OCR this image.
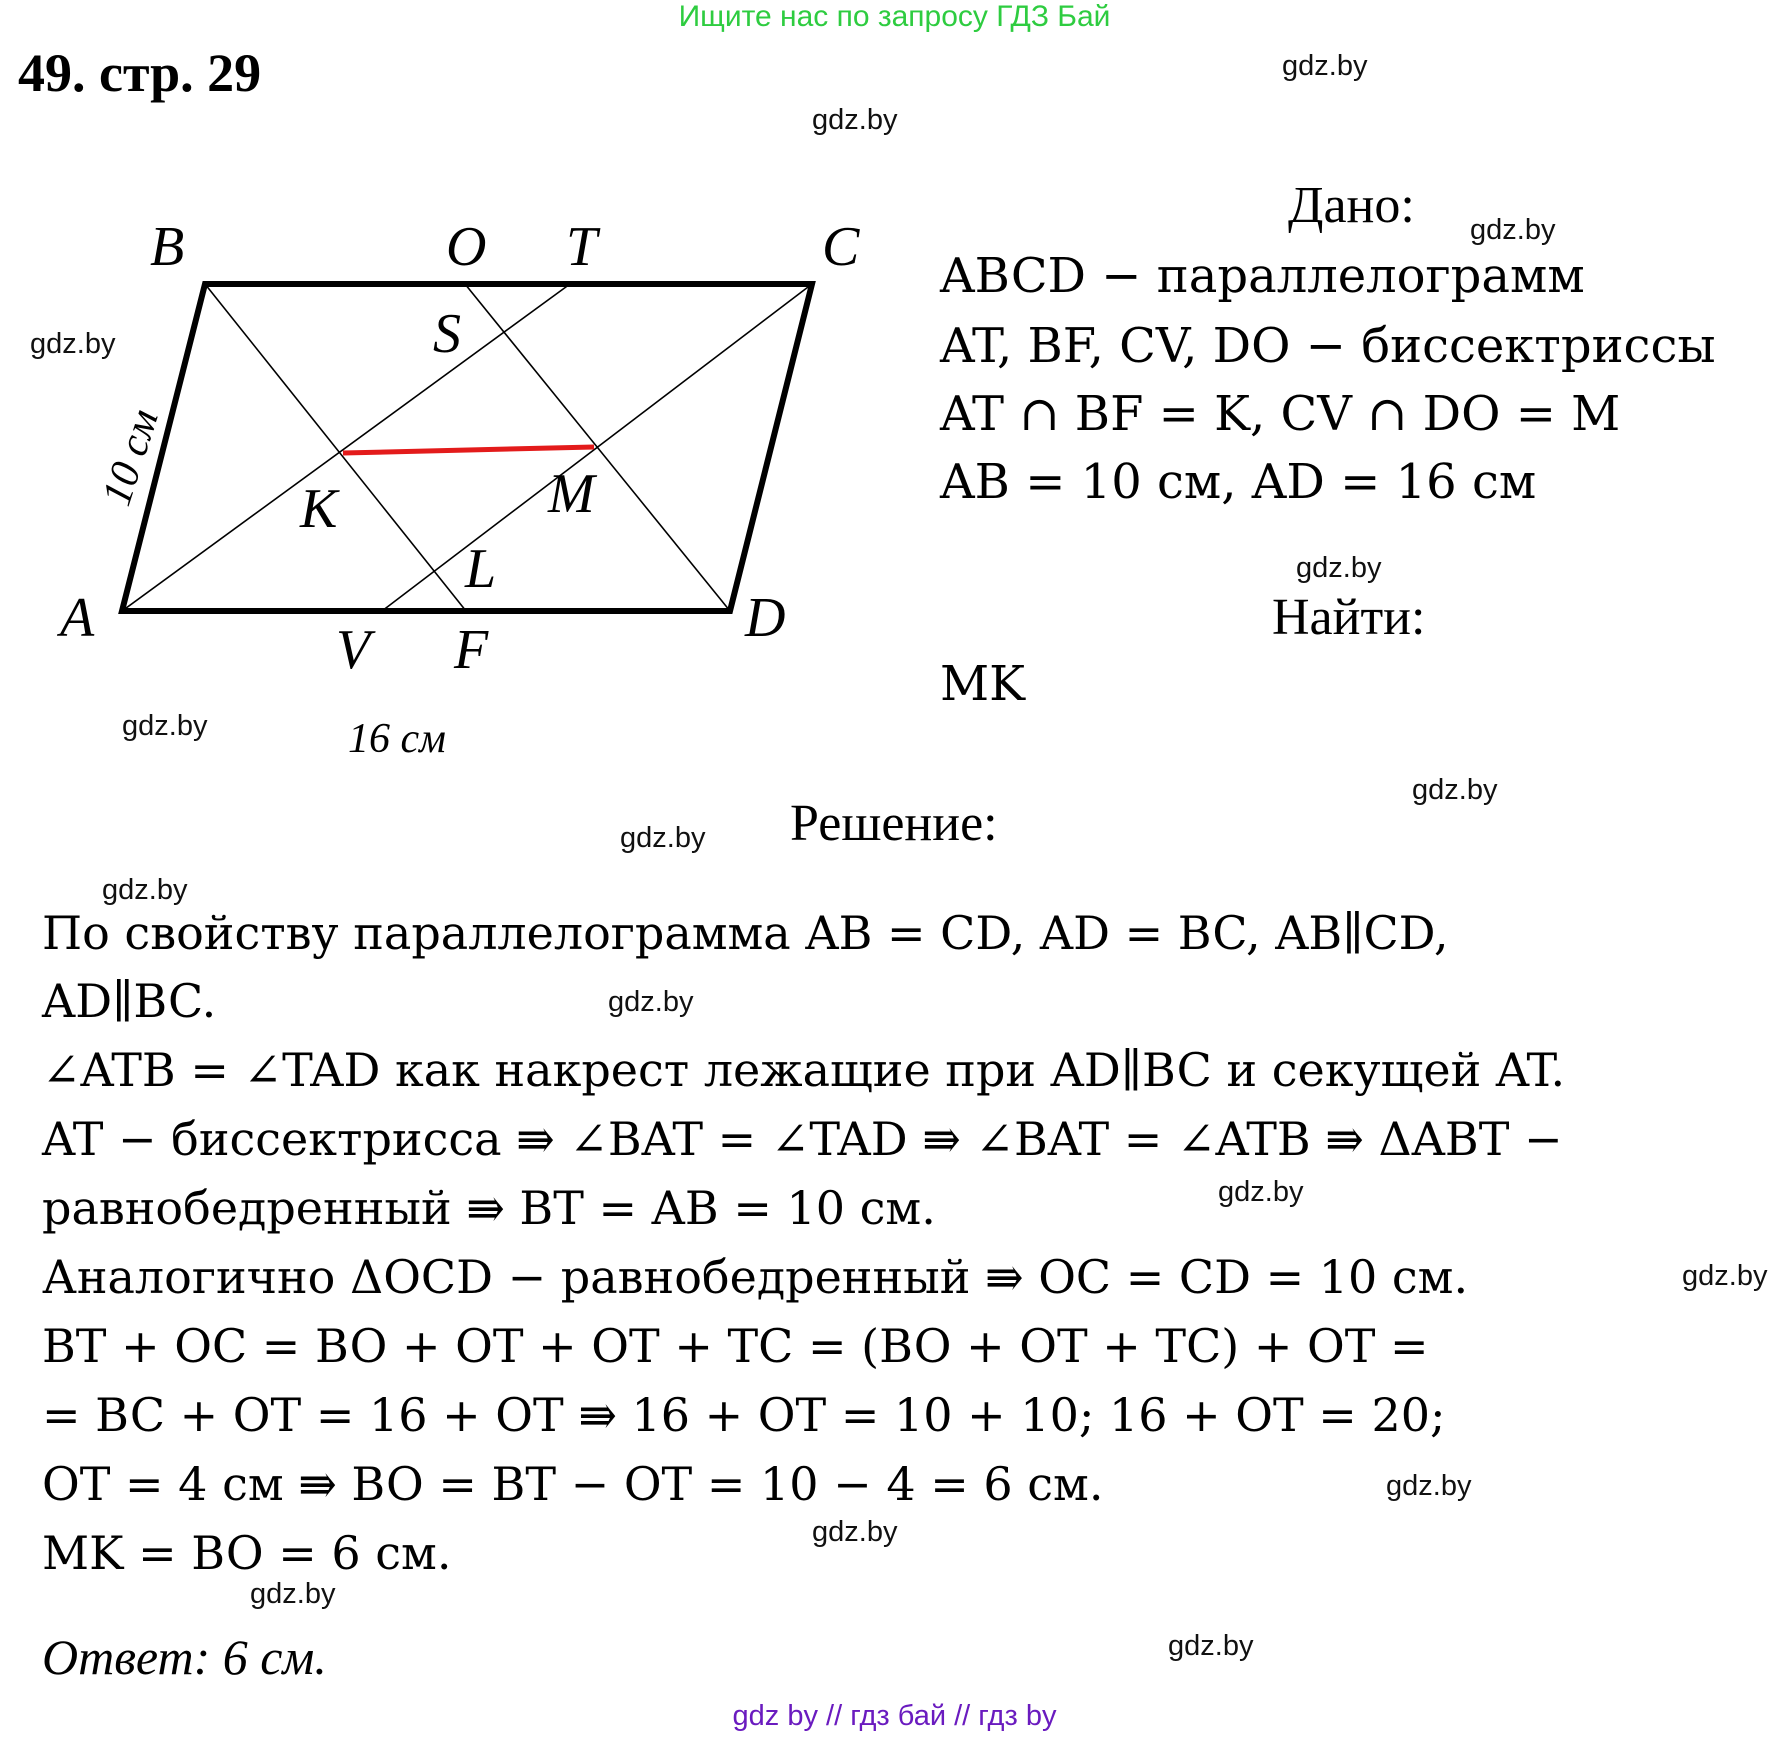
Ищите нас по запросу ГДЗ Бай
49. стр. 29
B	O T	C
S
K	M
L
A	D
V F
10 см
16 см
Дано:
ABCD − параллелограмм
AT, BF, CV, DO − биссектриссы
AT ∩ BF = K, CV ∩ DO = M
AB = 10 см, AD = 16 см
Найти:
MK
Решение:
По свойству параллелограмма AB = CD, AD = BC, AB∥CD,
AD∥BC.
∠ATB = ∠TAD как накрест лежащие при AD∥BC и секущей AT.
AT − биссектрисса ⇛ ∠BAT = ∠TAD ⇛ ∠BAT = ∠ATB ⇛ ΔABT −
равнобедренный ⇛ BT = AB = 10 см.
Аналогично ΔOCD − равнобедренный ⇛ OC = CD = 10 см.
BT + OC = BO + OT + OT + TC = (BO + OT + TC) + OT =
= BC + OT = 16 + OT ⇛ 16 + OT = 10 + 10; 16 + OT = 20;
OT = 4 см ⇛ BO = BT − OT = 10 − 4 = 6 см.
MK = BO = 6 см.
Ответ: 6 см.
gdz.by
gdz.by
gdz.by
gdz.by
gdz.by
gdz.by
gdz.by
gdz.by
gdz.by
gdz.by
gdz.by
gdz.by
gdz.by
gdz.by
gdz.by
gdz.by
gdz by // гдз бай // гдз by
